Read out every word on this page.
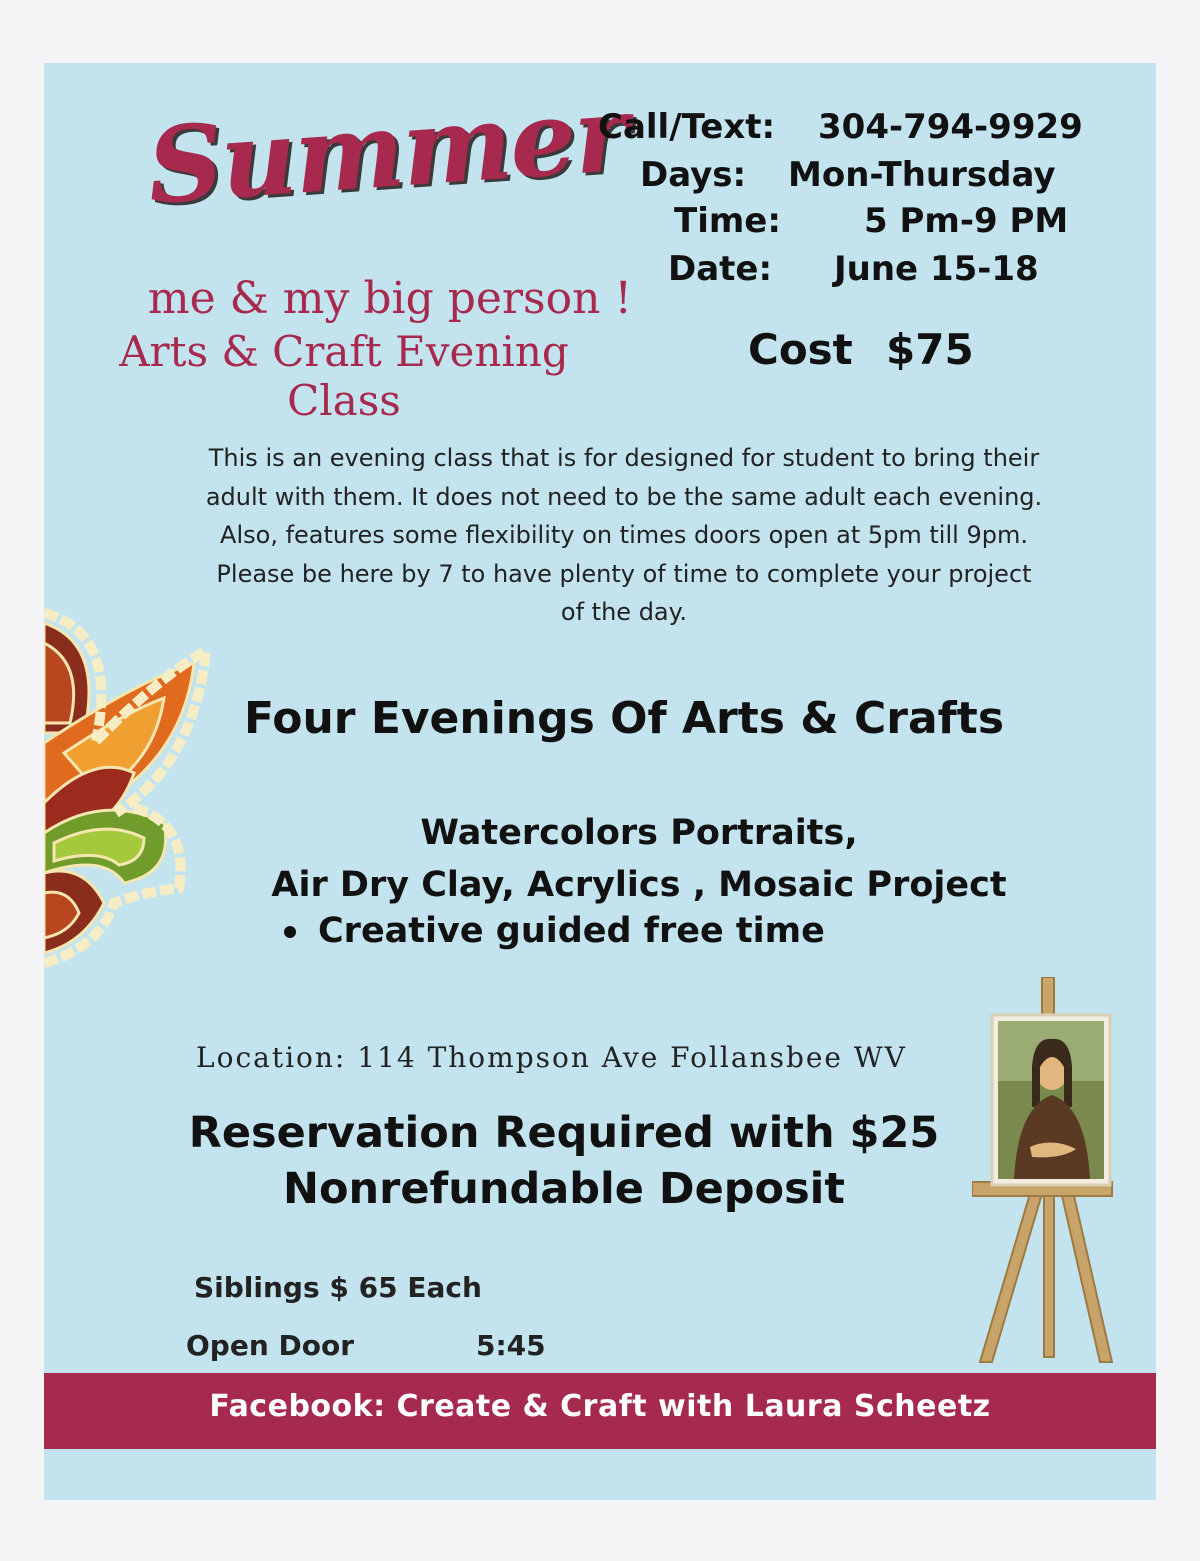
Summer
me & my big person !
Arts & Craft Evening Class
Call/Text: 304-794-9929
Days: Mon-Thursday
Time: 5 Pm-9 PM
Date: June 15-18
Cost $75
This is an evening class that is for designed for student to bring their
adult with them. It does not need to be the same adult each evening.
Also, features some flexibility on times doors open at 5pm till 9pm.
Please be here by 7 to have plenty of time to complete your project
of the day.
Four Evenings Of Arts & Crafts
Watercolors Portraits,
Air Dry Clay, Acrylics , Mosaic Project
Creative guided free time
Location: 114 Thompson Ave Follansbee WV
Reservation Required with $25
Nonrefundable Deposit
Siblings $ 65 Each
Open Door	5:45
Facebook: Create & Craft with Laura Scheetz
